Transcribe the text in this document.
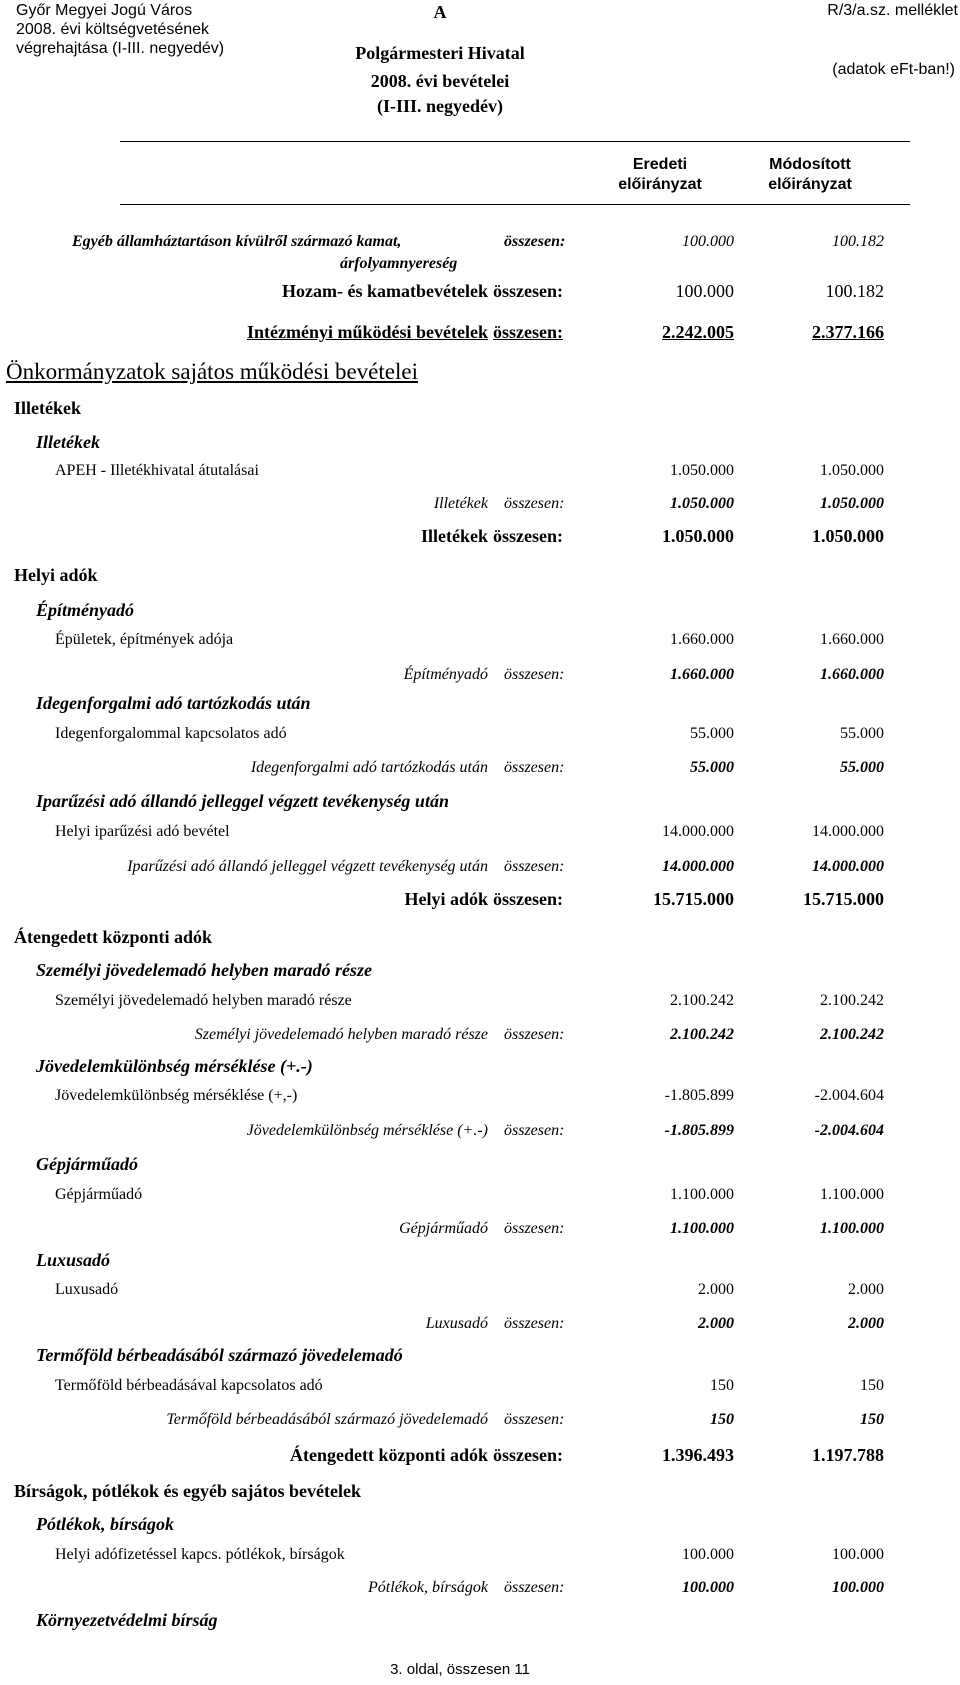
Győr Megyei Jogú Város
2008. évi költségvetésének
végrehajtása (I-III. negyedév)
A
Polgármesteri Hivatal
2008. évi bevételei
(I-III. negyedév)
R/3/a.sz. melléklet
(adatok eFt-ban!)
Eredeti
előirányzat
Módosított
előirányzat
Egyéb államháztartáson kívülről származó kamat,
árfolyamnyereség
összesen:	100.000	100.182
Hozam- és kamatbevételek összesen:	100.000	100.182
Intézményi működési bevételek összesen:	2.242.005	2.377.166
Önkormányzatok sajátos működési bevételei
Illetékek
Illetékek
APEH - Illetékhivatal átutalásai	1.050.000	1.050.000
Illetékek összesen:	1.050.000	1.050.000
Illetékek összesen:	1.050.000	1.050.000
Helyi adók
Építményadó
Épületek, építmények adója	1.660.000	1.660.000
Építményadó összesen:	1.660.000	1.660.000
Idegenforgalmi adó tartózkodás után
Idegenforgalommal kapcsolatos adó	55.000	55.000
Idegenforgalmi adó tartózkodás után összesen:	55.000	55.000
Iparűzési adó állandó jelleggel végzett tevékenység után
Helyi iparűzési adó bevétel	14.000.000	14.000.000
Iparűzési adó állandó jelleggel végzett tevékenység után összesen:	14.000.000	14.000.000
Helyi adók összesen:	15.715.000	15.715.000
Átengedett központi adók
Személyi jövedelemadó helyben maradó része
Személyi jövedelemadó helyben maradó része	2.100.242	2.100.242
Személyi jövedelemadó helyben maradó része összesen:	2.100.242	2.100.242
Jövedelemkülönbség mérséklése (+.-)
Jövedelemkülönbség mérséklése (+,-)	-1.805.899	-2.004.604
Jövedelemkülönbség mérséklése (+.-) összesen:	-1.805.899	-2.004.604
Gépjárműadó
Gépjárműadó	1.100.000	1.100.000
Gépjárműadó összesen:	1.100.000	1.100.000
Luxusadó
Luxusadó	2.000	2.000
Luxusadó összesen:	2.000	2.000
Termőföld bérbeadásából származó jövedelemadó
Termőföld bérbeadásával kapcsolatos adó	150	150
Termőföld bérbeadásából származó jövedelemadó összesen:	150	150
Átengedett központi adók összesen:	1.396.493	1.197.788
Bírságok, pótlékok és egyéb sajátos bevételek
Pótlékok, bírságok
Helyi adófizetéssel kapcs. pótlékok, bírságok	100.000	100.000
Pótlékok, bírságok összesen:	100.000	100.000
Környezetvédelmi bírság
3. oldal, összesen 11
